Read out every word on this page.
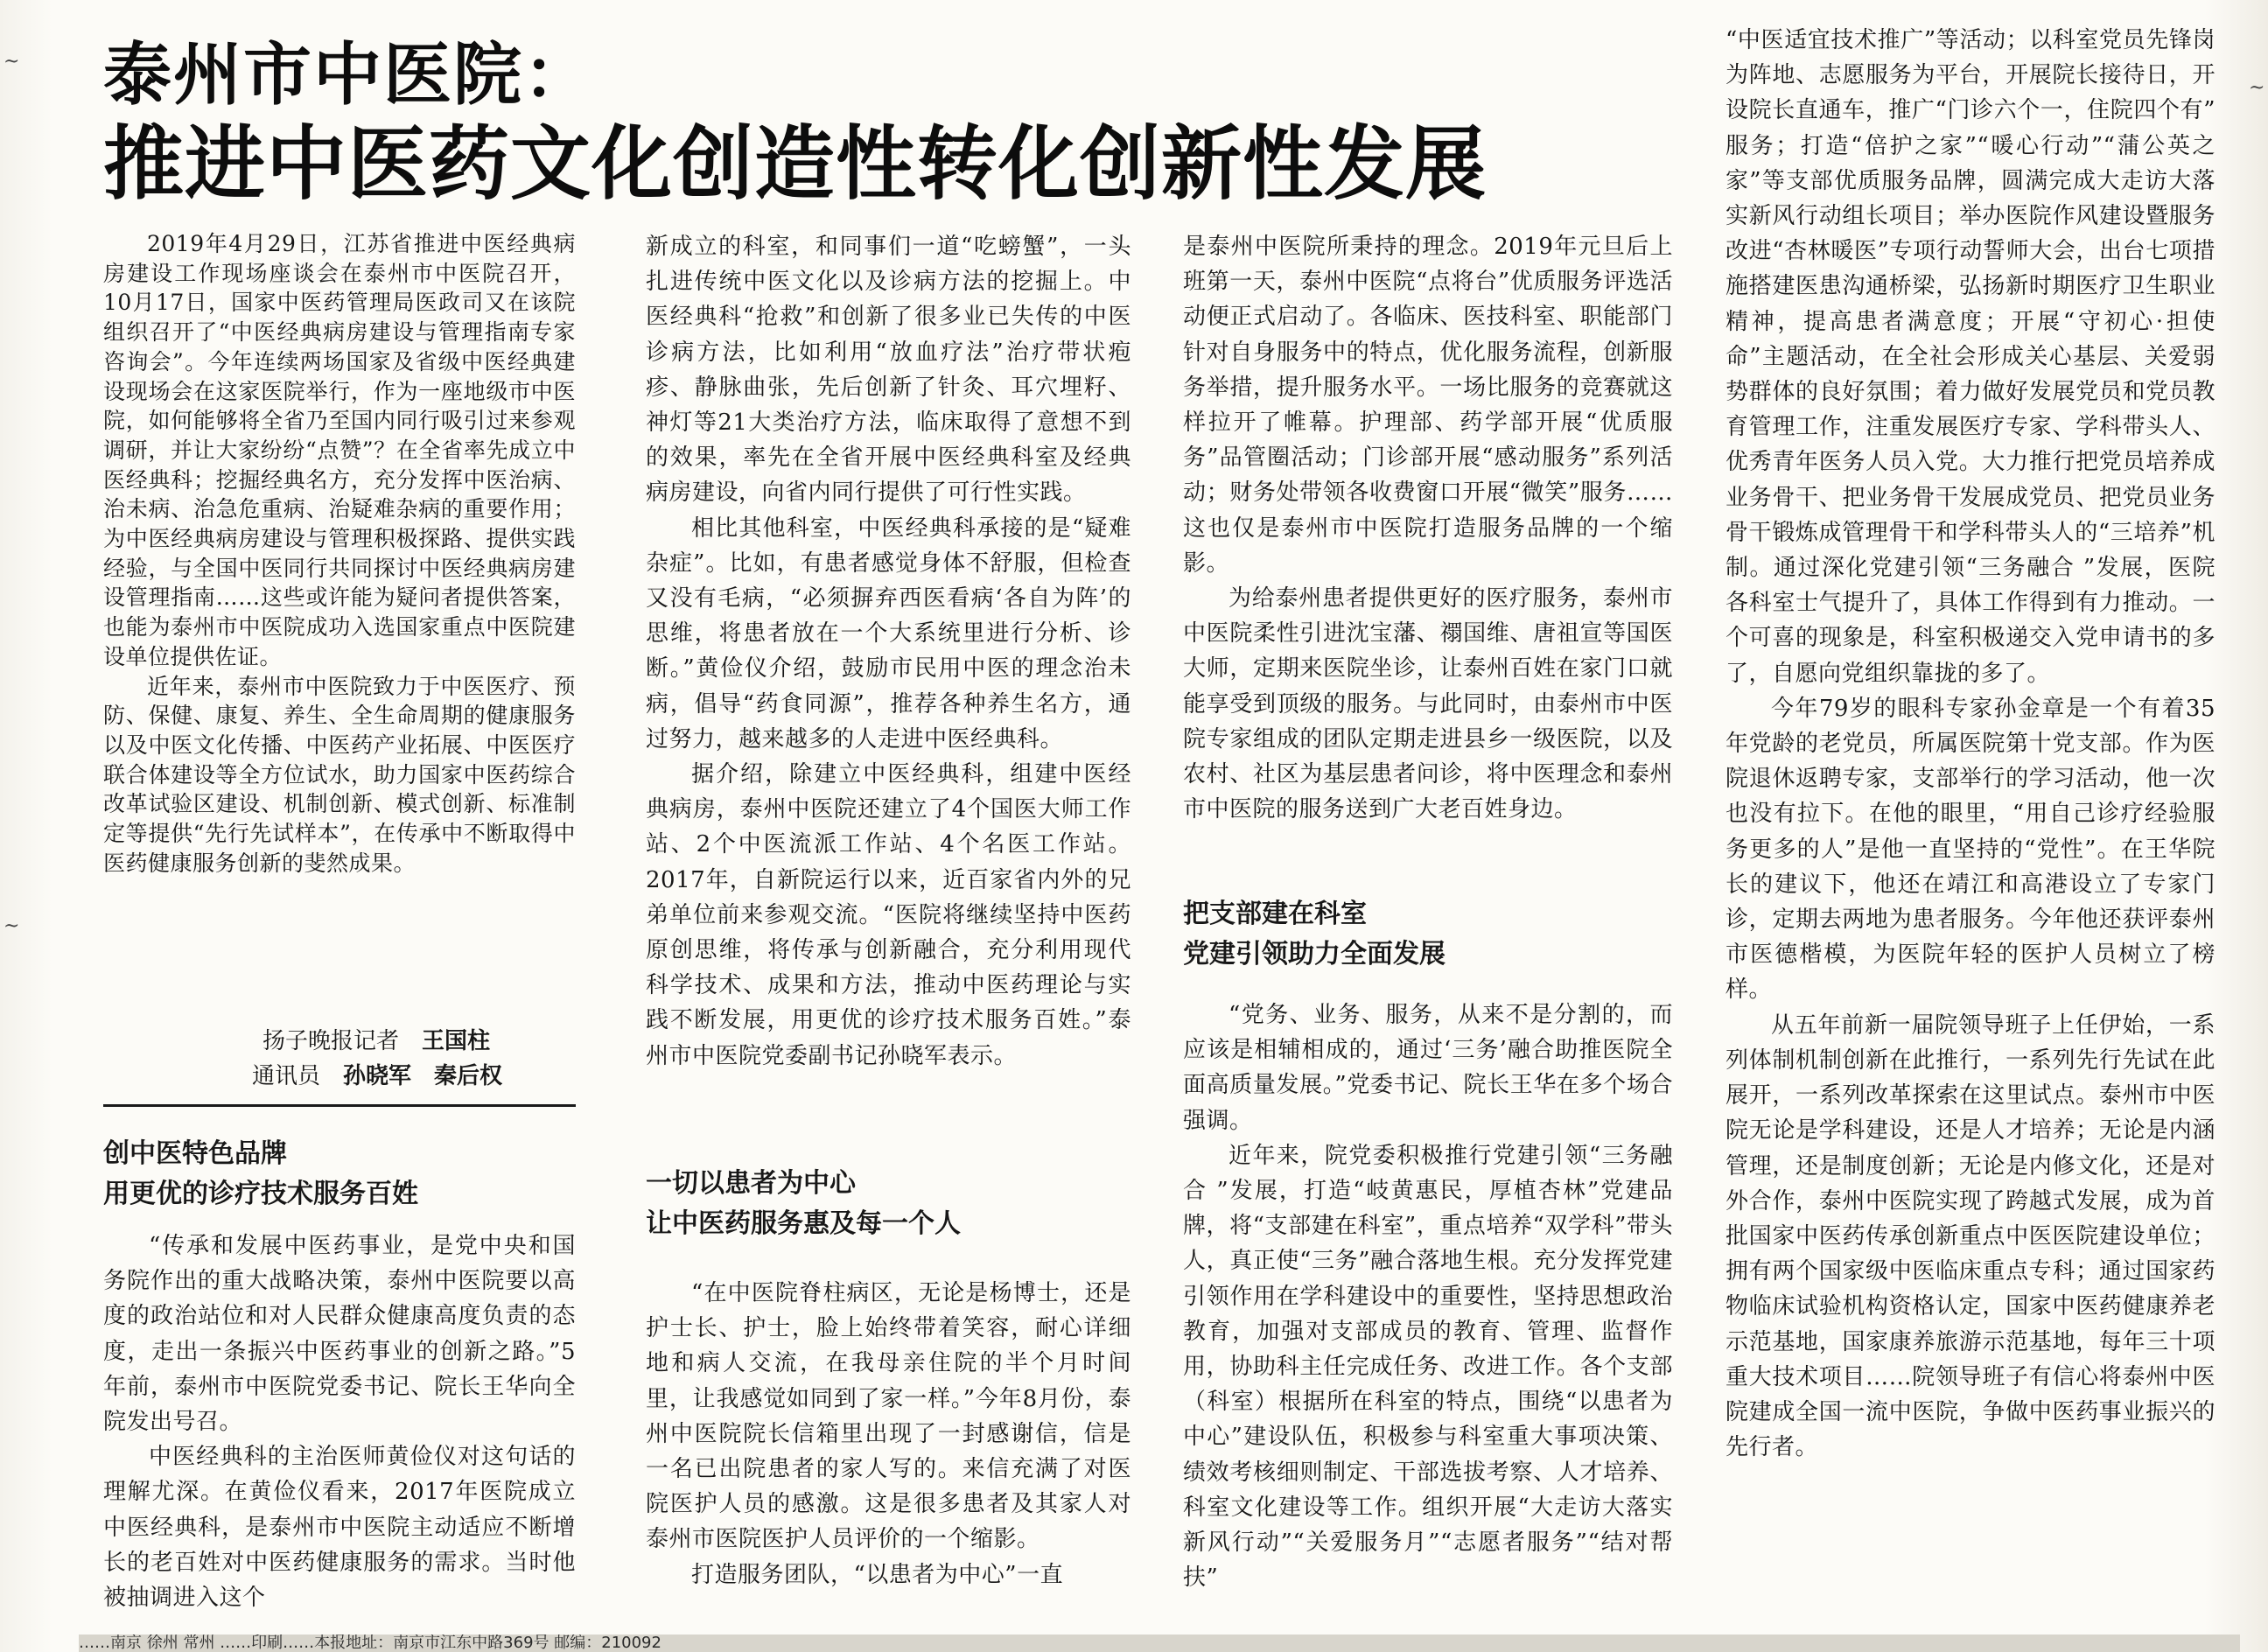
~
~
~
泰州市中医院：
推进中医药文化创造性转化创新性发展

2019年4月29日，江苏省推进中医经典病房建设工作现场座谈会在泰州市中医院召开，10月17日，国家中医药管理局医政司又在该院组织召开了“中医经典病房建设与管理指南专家咨询会”。今年连续两场国家及省级中医经典建设现场会在这家医院举行，作为一座地级市中医院，如何能够将全省乃至国内同行吸引过来参观调研，并让大家纷纷“点赞”？在全省率先成立中医经典科；挖掘经典名方，充分发挥中医治病、治未病、治急危重病、治疑难杂病的重要作用；为中医经典病房建设与管理积极探路、提供实践经验，与全国中医同行共同探讨中医经典病房建设管理指南……这些或许能为疑问者提供答案，也能为泰州市中医院成功入选国家重点中医院建设单位提供佐证。

近年来，泰州市中医院致力于中医医疗、预防、保健、康复、养生、全生命周期的健康服务以及中医文化传播、中医药产业拓展、中医医疗联合体建设等全方位试水，助力国家中医药综合改革试验区建设、机制创新、模式创新、标准制定等提供“先行先试样本”，在传承中不断取得中医药健康服务创新的斐然成果。

扬子晚报记者　 王国柱
通讯员　 孙晓军　秦后权
创中医特色品牌
用更优的诊疗技术服务百姓

“传承和发展中医药事业，是党中央和国务院作出的重大战略决策，泰州中医院要以高度的政治站位和对人民群众健康高度负责的态度，走出一条振兴中医药事业的创新之路。”5年前，泰州市中医院党委书记、院长王华向全院发出号召。

中医经典科的主治医师黄俭仪对这句话的理解尤深。在黄俭仪看来，2017年医院成立中医经典科，是泰州市中医院主动适应不断增长的老百姓对中医药健康服务的需求。当时他被抽调进入这个

新成立的科室，和同事们一道“吃螃蟹”，一头扎进传统中医文化以及诊病方法的挖掘上。中医经典科“抢救”和创新了很多业已失传的中医诊病方法，比如利用“放血疗法”治疗带状疱疹、静脉曲张，先后创新了针灸、耳穴埋籽、神灯等21大类治疗方法，临床取得了意想不到的效果，率先在全省开展中医经典科室及经典病房建设，向省内同行提供了可行性实践。

相比其他科室，中医经典科承接的是“疑难杂症”。比如，有患者感觉身体不舒服，但检查又没有毛病，“必须摒弃西医看病‘各自为阵’的思维，将患者放在一个大系统里进行分析、诊断。”黄俭仪介绍，鼓励市民用中医的理念治未病，倡导“药食同源”，推荐各种养生名方，通过努力，越来越多的人走进中医经典科。

据介绍，除建立中医经典科，组建中医经典病房，泰州中医院还建立了4个国医大师工作站、2个中医流派工作站、4个名医工作站。2017年，自新院运行以来，近百家省内外的兄弟单位前来参观交流。“医院将继续坚持中医药原创思维，将传承与创新融合，充分利用现代科学技术、成果和方法，推动中医药理论与实践不断发展，用更优的诊疗技术服务百姓。”泰州市中医院党委副书记孙晓军表示。

一切以患者为中心
让中医药服务惠及每一个人

“在中医院脊柱病区，无论是杨博士，还是护士长、护士，脸上始终带着笑容，耐心详细地和病人交流，在我母亲住院的半个月时间里，让我感觉如同到了家一样。”今年8月份，泰州中医院院长信箱里出现了一封感谢信，信是一名已出院患者的家人写的。来信充满了对医院医护人员的感激。这是很多患者及其家人对泰州市医院医护人员评价的一个缩影。

打造服务团队，“以患者为中心”一直

是泰州中医院所秉持的理念。2019年元旦后上班第一天，泰州中医院“点将台”优质服务评选活动便正式启动了。各临床、医技科室、职能部门针对自身服务中的特点，优化服务流程，创新服务举措，提升服务水平。一场比服务的竞赛就这样拉开了帷幕。护理部、药学部开展“优质服务”品管圈活动；门诊部开展“感动服务”系列活动；财务处带领各收费窗口开展“微笑”服务……这也仅是泰州市中医院打造服务品牌的一个缩影。

为给泰州患者提供更好的医疗服务，泰州市中医院柔性引进沈宝藩、禤国维、唐祖宣等国医大师，定期来医院坐诊，让泰州百姓在家门口就能享受到顶级的服务。与此同时，由泰州市中医院专家组成的团队定期走进县乡一级医院，以及农村、社区为基层患者问诊，将中医理念和泰州市中医院的服务送到广大老百姓身边。

把支部建在科室
党建引领助力全面发展

“党务、业务、服务，从来不是分割的，而应该是相辅相成的，通过‘三务’融合助推医院全面高质量发展。”党委书记、院长王华在多个场合强调。

近年来，院党委积极推行党建引领“三务融合 ”发展，打造“岐黄惠民，厚植杏林”党建品牌，将“支部建在科室”，重点培养“双学科”带头人，真正使“三务”融合落地生根。充分发挥党建引领作用在学科建设中的重要性，坚持思想政治教育，加强对支部成员的教育、管理、监督作用，协助科主任完成任务、改进工作。各个支部（科室）根据所在科室的特点，围绕“以患者为中心”建设队伍，积极参与科室重大事项决策、绩效考核细则制定、干部选拔考察、人才培养、科室文化建设等工作。组织开展“大走访大落实新风行动”“关爱服务月”“志愿者服务”“结对帮扶”

“中医适宜技术推广”等活动；以科室党员先锋岗为阵地、志愿服务为平台，开展院长接待日，开设院长直通车，推广“门诊六个一，住院四个有” 服务；打造“倍护之家”“暖心行动”“蒲公英之家”等支部优质服务品牌，圆满完成大走访大落实新风行动组长项目；举办医院作风建设暨服务改进“杏林暖医”专项行动誓师大会，出台七项措施搭建医患沟通桥梁，弘扬新时期医疗卫生职业精神，提高患者满意度；开展“守初心·担使命”主题活动，在全社会形成关心基层、关爱弱势群体的良好氛围；着力做好发展党员和党员教育管理工作，注重发展医疗专家、学科带头人、优秀青年医务人员入党。大力推行把党员培养成业务骨干、把业务骨干发展成党员、把党员业务骨干锻炼成管理骨干和学科带头人的“三培养”机制。通过深化党建引领“三务融合 ”发展，医院各科室士气提升了，具体工作得到有力推动。一个可喜的现象是，科室积极递交入党申请书的多了，自愿向党组织靠拢的多了。

今年79岁的眼科专家孙金章是一个有着35年党龄的老党员，所属医院第十党支部。作为医院退休返聘专家，支部举行的学习活动，他一次也没有拉下。在他的眼里，“用自己诊疗经验服务更多的人”是他一直坚持的“党性”。在王华院长的建议下，他还在靖江和高港设立了专家门诊，定期去两地为患者服务。今年他还获评泰州市医德楷模，为医院年轻的医护人员树立了榜样。

从五年前新一届院领导班子上任伊始，一系列体制机制创新在此推行，一系列先行先试在此展开，一系列改革探索在这里试点。泰州市中医院无论是学科建设，还是人才培养；无论是内涵管理，还是制度创新；无论是内修文化，还是对外合作，泰州中医院实现了跨越式发展，成为首批国家中医药传承创新重点中医医院建设单位；拥有两个国家级中医临床重点专科；通过国家药物临床试验机构资格认定，国家中医药健康养老示范基地，国家康养旅游示范基地，每年三十项重大技术项目……院领导班子有信心将泰州中医院建成全国一流中医院，争做中医药事业振兴的先行者。

……南京 徐州 常州 ……印刷……本报地址：南京市江东中路369号 邮编：210092
